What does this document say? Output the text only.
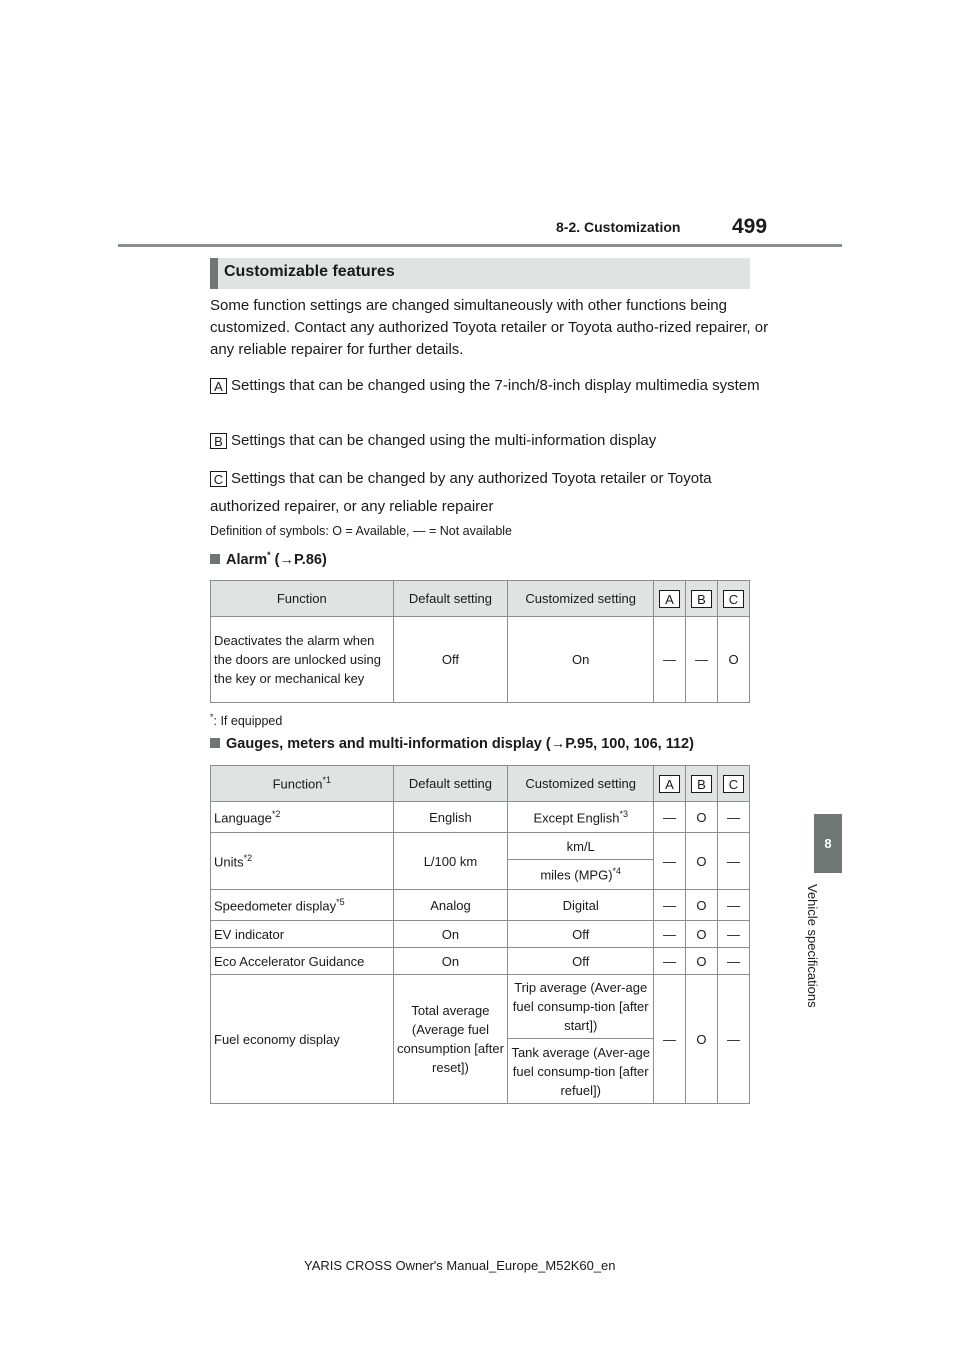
8-2. Customization 499
8
Vehicle specifications
Customizable features
Some function settings are changed simultaneously with other functions being customized. Contact any authorized Toyota retailer or Toyota autho-rized repairer, or any reliable repairer for further details.
A Settings that can be changed using the 7-inch/8-inch display multimedia system
B Settings that can be changed using the multi-information display
C Settings that can be changed by any authorized Toyota retailer or Toyota authorized repairer, or any reliable repairer
Definition of symbols: O = Available, — = Not available
Alarm* (→P.86)
Function	Default setting	Customized setting	A	B	C
Deactivates the alarm when the doors are unlocked using the key or mechanical key	Off	On	—	—	O
*: If equipped
Gauges, meters and multi-information display (→P.95, 100, 106, 112)
Function$^{*1}$	Default setting	Customized setting	A	B	C
Language$^{*2}$	English	Except English$^{*3}$	—	O	—
Units$^{*2}$	L/100 km	km/L	—	O	—
		miles (MPG)$^{*4}$
Speedometer display$^{*5}$	Analog	Digital	—	O	—
EV indicator	On	Off	—	O	—
Eco Accelerator Guidance	On	Off	—	O	—
Fuel economy display	Total average (Average fuel consumption [after reset])	Trip average (Aver-age fuel consump-tion [after start])	—	O	—
		Tank average (Aver-age fuel consump-tion [after refuel])			
YARIS CROSS Owner's Manual_Europe_M52K60_en
